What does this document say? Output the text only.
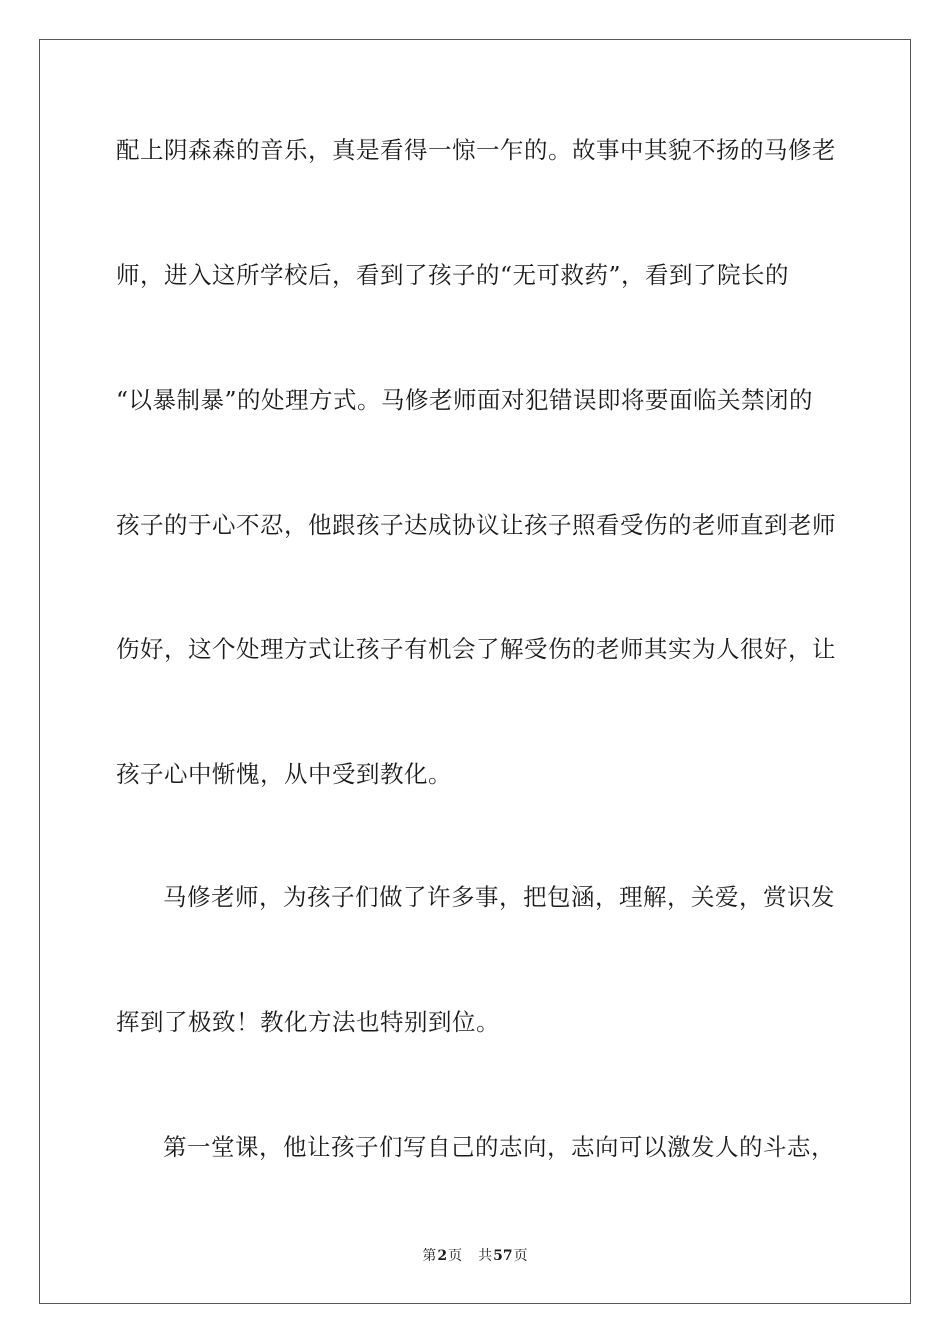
配上阴森森的音乐，真是看得一惊一乍的。故事中其貌不扬的马修老
师，进入这所学校后，看到了孩子的“无可救药”，看到了院长的
“以暴制暴”的处理方式。马修老师面对犯错误即将要面临关禁闭的
孩子的于心不忍，他跟孩子达成协议让孩子照看受伤的老师直到老师
伤好，这个处理方式让孩子有机会了解受伤的老师其实为人很好，让
孩子心中惭愧，从中受到教化。
马修老师，为孩子们做了许多事，把包涵，理解，关爱，赏识发
挥到了极致！教化方法也特别到位。
第一堂课，他让孩子们写自己的志向，志向可以激发人的斗志，
第2页 共57页
